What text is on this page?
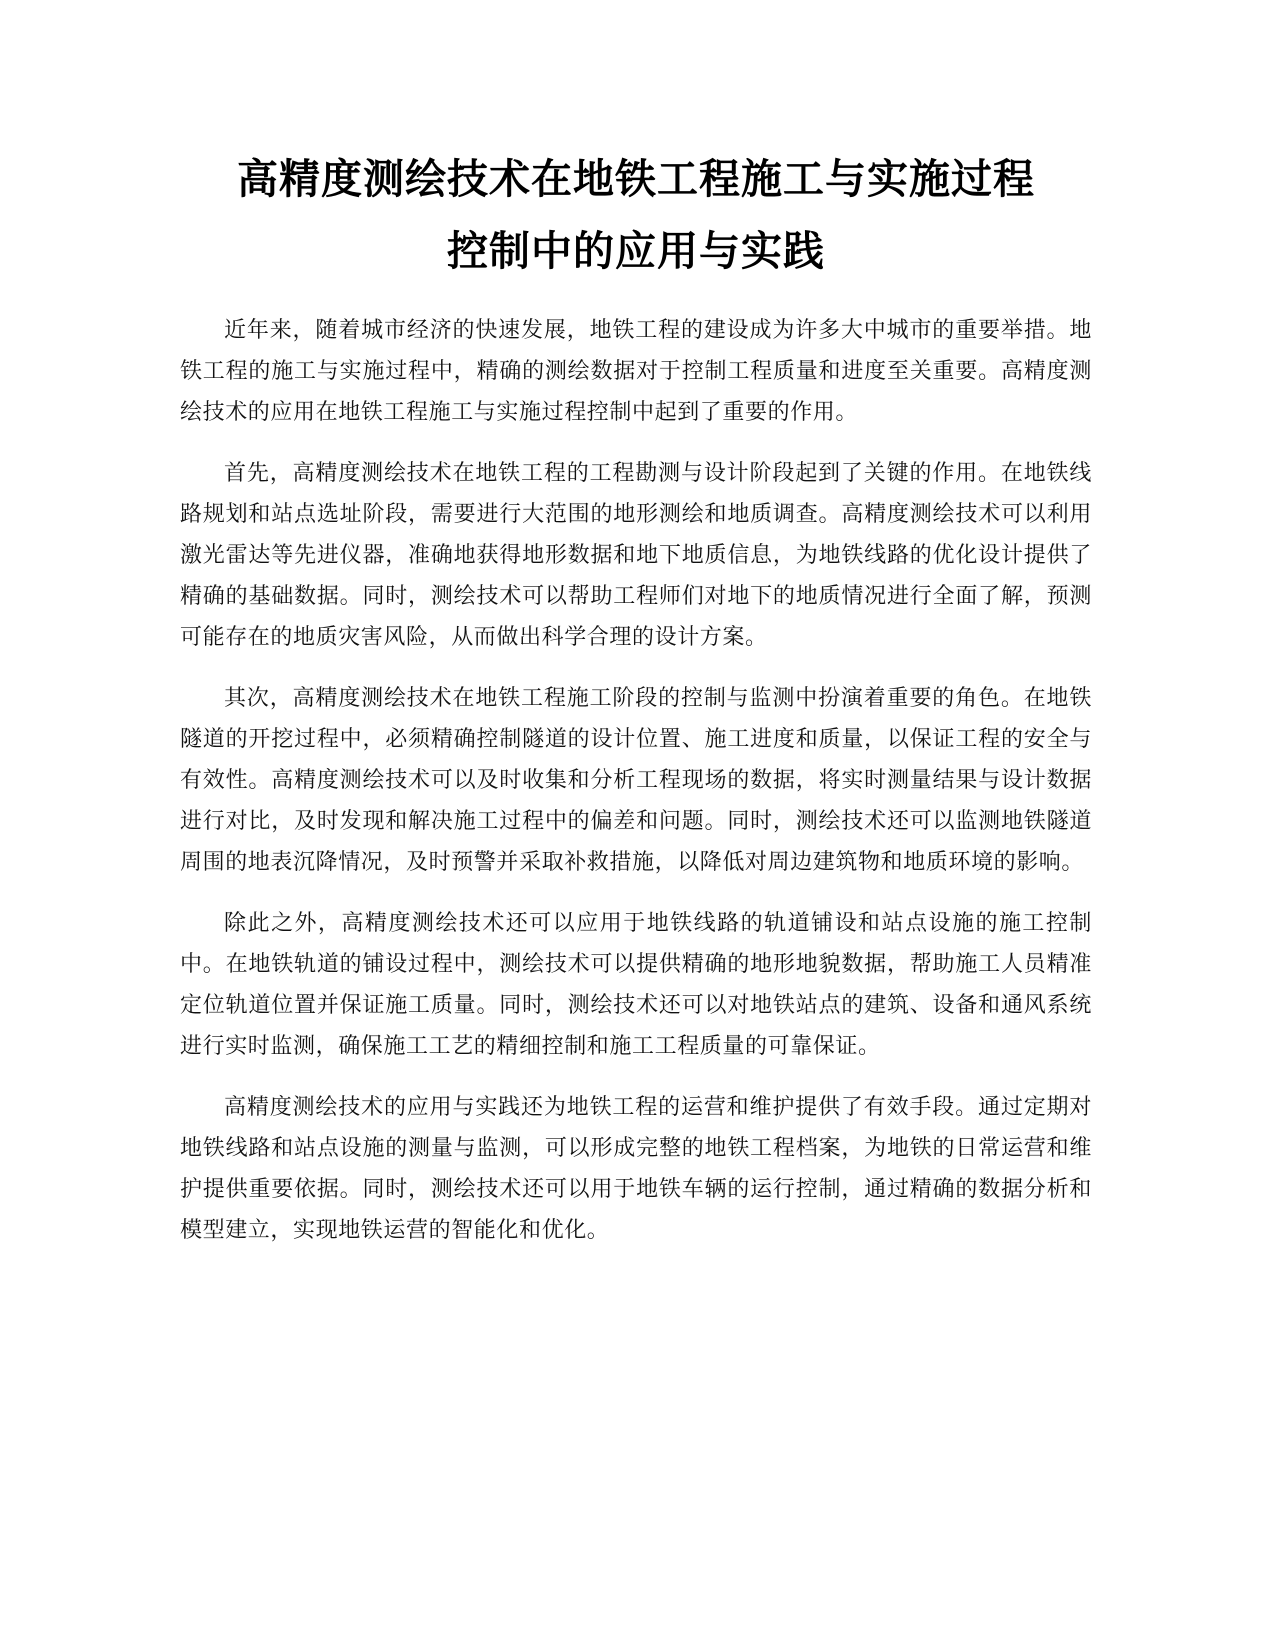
高精度测绘技术在地铁工程施工与实施过程
控制中的应用与实践

近年来，随着城市经济的快速发展，地铁工程的建设成为许多大中城市的重要举措。地铁工程的施工与实施过程中，精确的测绘数据对于控制工程质量和进度至关重要。高精度测绘技术的应用在地铁工程施工与实施过程控制中起到了重要的作用。

首先，高精度测绘技术在地铁工程的工程勘测与设计阶段起到了关键的作用。在地铁线路规划和站点选址阶段，需要进行大范围的地形测绘和地质调查。高精度测绘技术可以利用激光雷达等先进仪器，准确地获得地形数据和地下地质信息，为地铁线路的优化设计提供了精确的基础数据。同时，测绘技术可以帮助工程师们对地下的地质情况进行全面了解，预测可能存在的地质灾害风险，从而做出科学合理的设计方案。

其次，高精度测绘技术在地铁工程施工阶段的控制与监测中扮演着重要的角色。在地铁隧道的开挖过程中，必须精确控制隧道的设计位置、施工进度和质量，以保证工程的安全与有效性。高精度测绘技术可以及时收集和分析工程现场的数据，将实时测量结果与设计数据进行对比，及时发现和解决施工过程中的偏差和问题。同时，测绘技术还可以监测地铁隧道周围的地表沉降情况，及时预警并采取补救措施，以降低对周边建筑物和地质环境的影响。

除此之外，高精度测绘技术还可以应用于地铁线路的轨道铺设和站点设施的施工控制中。在地铁轨道的铺设过程中，测绘技术可以提供精确的地形地貌数据，帮助施工人员精准定位轨道位置并保证施工质量。同时，测绘技术还可以对地铁站点的建筑、设备和通风系统进行实时监测，确保施工工艺的精细控制和施工工程质量的可靠保证。

高精度测绘技术的应用与实践还为地铁工程的运营和维护提供了有效手段。通过定期对地铁线路和站点设施的测量与监测，可以形成完整的地铁工程档案，为地铁的日常运营和维护提供重要依据。同时，测绘技术还可以用于地铁车辆的运行控制，通过精确的数据分析和模型建立，实现地铁运营的智能化和优化。
